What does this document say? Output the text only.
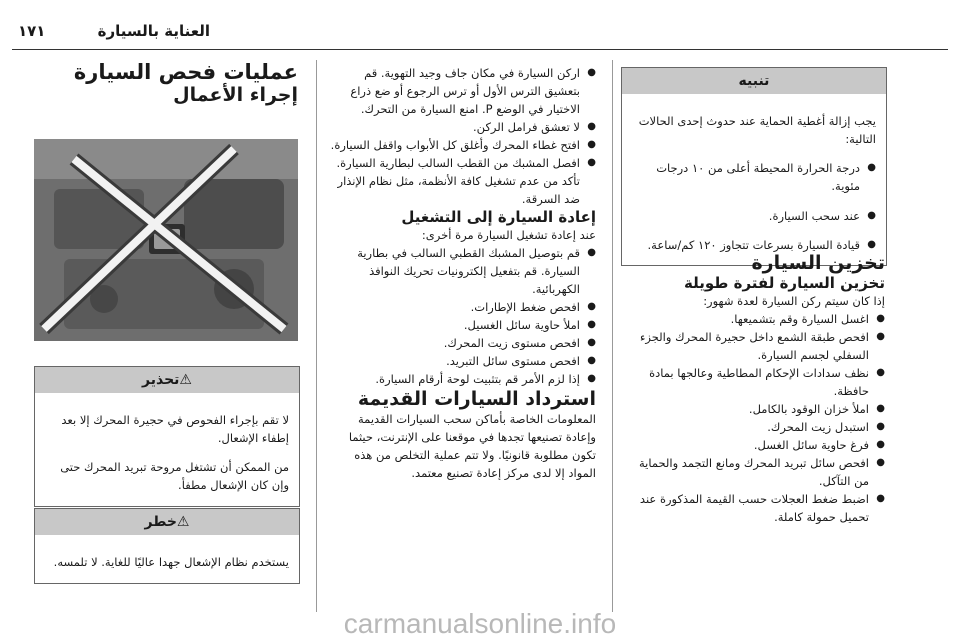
العناية بالسيارة
١٧١
تنبيه

يجب إزالة أغطية الحماية عند حدوث إحدى الحالات التالية:

● درجة الحرارة المحيطة أعلى من ١٠ درجات مئوية.

● عند سحب السيارة.

● قيادة السيارة بسرعات تتجاوز ١٢٠ كم/ساعة.

تخزين السيارة

تخزين السيارة لفترة طويلة

إذا كان سيتم ركن السيارة لعدة شهور:

● اغسل السيارة وقم بتشميعها.

● افحص طبقة الشمع داخل حجيرة المحرك والجزء السفلي لجسم السيارة.

● نظف سدادات الإحكام المطاطية وعالجها بمادة حافظة.

● املأ خزان الوقود بالكامل.

● استبدل زيت المحرك.

● فرغ حاوية سائل الغسل.

● افحص سائل تبريد المحرك ومانع التجمد والحماية من التآكل.

● اضبط ضغط العجلات حسب القيمة المذكورة عند تحميل حمولة كاملة.

● اركن السيارة في مكان جاف وجيد التهوية. قم بتعشيق الترس الأول أو ترس الرجوع أو ضع ذراع الاختيار في الوضع P. امنع السيارة من التحرك.

● لا تعشق فرامل الركن.

● افتح غطاء المحرك وأغلق كل الأبواب واقفل السيارة.

● افصل المشبك من القطب السالب لبطارية السيارة. تأكد من عدم تشغيل كافة الأنظمة، مثل نظام الإنذار ضد السرقة.

إعادة السيارة إلى التشغيل

عند إعادة تشغيل السيارة مرة أخرى:

● قم بتوصيل المشبك القطبي السالب في بطارية السيارة. قم بتفعيل إلكترونيات تحريك النوافذ الكهربائية.

● افحص ضغط الإطارات.

● املأ حاوية سائل الغسيل.

● افحص مستوى زيت المحرك.

● افحص مستوى سائل التبريد.

● إذا لزم الأمر قم بتثبيت لوحة أرقام السيارة.

استرداد السيارات القديمة

المعلومات الخاصة بأماكن سحب السيارات القديمة وإعادة تصنيعها تجدها في موقعنا على الإنترنت، حيثما تكون مطلوبة قانونيًا. ولا تتم عملية التخلص من هذه المواد إلا لدى مركز إعادة تصنيع معتمد.

عمليات فحص السيارة

إجراء الأعمال

⚠تحذير

لا تقم بإجراء الفحوص في حجيرة المحرك إلا بعد إطفاء الإشعال.

من الممكن أن تشتغل مروحة تبريد المحرك حتى وإن كان الإشعال مطفأ.

⚠خطر

يستخدم نظام الإشعال جهدا عاليًا للغاية. لا تلمسه.

carmanualsonline.info
